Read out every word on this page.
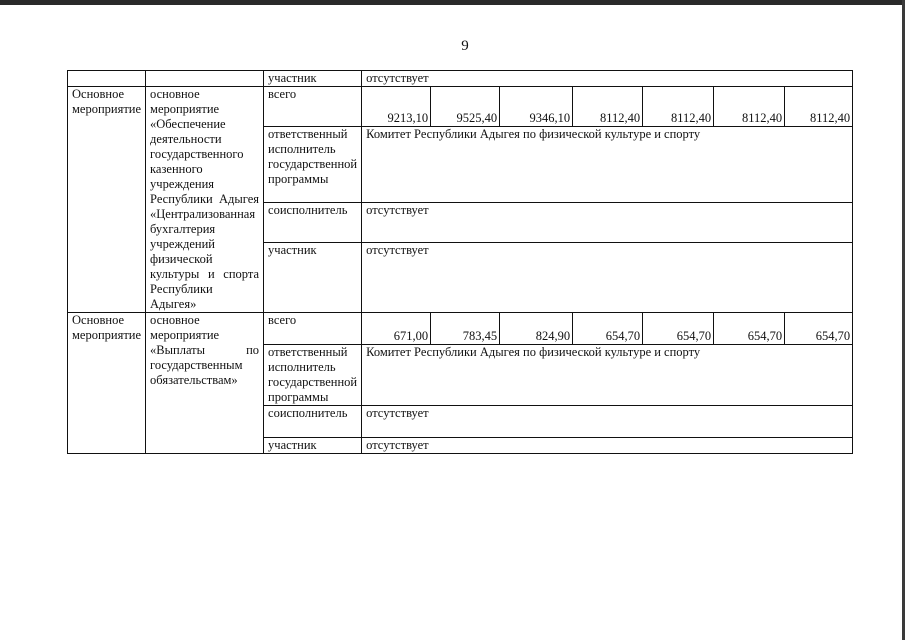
9
		участник	отсутствует						
Основное мероприятие	основное мероприятие «Обеспечение деятельности государственного казенного учреждения Республики Адыгея «Централизованная бухгалтерия учреждений физической культуры и спорта Республики Адыгея»	всего	9213,10	9525,40	9346,10	8112,40	8112,40	8112,40	8112,40
		ответственный исполнитель государственной программы	Комитет Республики Адыгея по физической культуре и спорту						
		соисполнитель	отсутствует						
		участник	отсутствует						
Основное мероприятие	основное мероприятие «Выплаты по государственным обязательствам»	всего	671,00	783,45	824,90	654,70	654,70	654,70	654,70
		ответственный исполнитель государственной программы	Комитет Республики Адыгея по физической культуре и спорту						
		соисполнитель	отсутствует						
		участник	отсутствует						
